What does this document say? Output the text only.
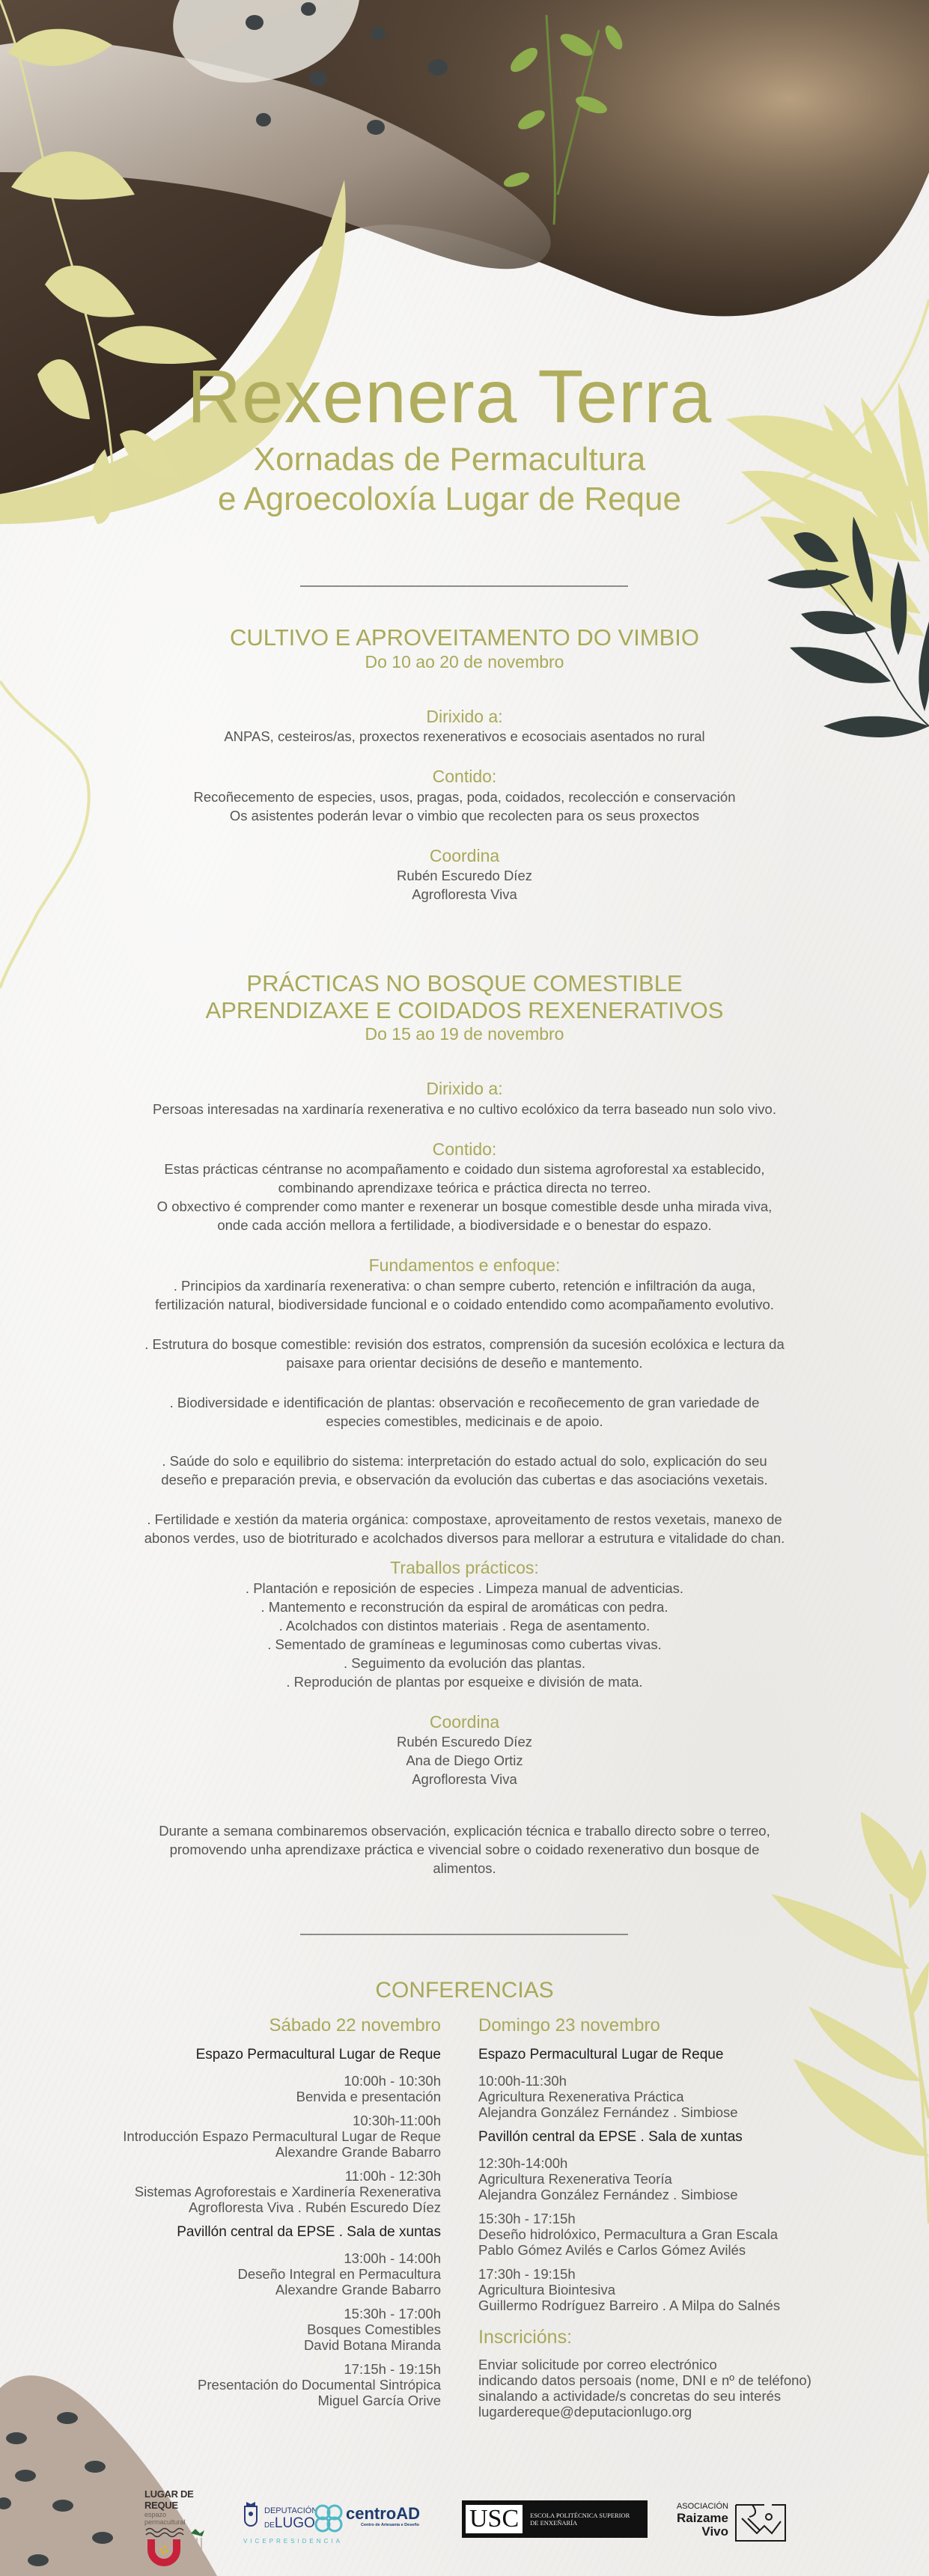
Rexenera Terra
Xornadas de Permacultura
e Agroecoloxía Lugar de Reque
CULTIVO E APROVEITAMENTO DO VIMBIO
Do 10 ao 20 de novembro
Dirixido a:
ANPAS, cesteiros/as, proxectos rexenerativos e ecosociais asentados no rural
Contido:
Recoñecemento de especies, usos, pragas, poda, coidados, recolección e conservación
Os asistentes poderán levar o vimbio que recolecten para os seus proxectos
Coordina
Rubén Escuredo Díez
Agrofloresta Viva
PRÁCTICAS NO BOSQUE COMESTIBLE
APRENDIZAXE E COIDADOS REXENERATIVOS
Do 15 ao 19 de novembro
Dirixido a:
Persoas interesadas na xardinaría rexenerativa e no cultivo ecolóxico da terra baseado nun solo vivo.
Contido:
Estas prácticas céntranse no acompañamento e coidado dun sistema agroforestal xa establecido,
combinando aprendizaxe teórica e práctica directa no terreo.
O obxectivo é comprender como manter e rexenerar un bosque comestible desde unha mirada viva,
onde cada acción mellora a fertilidade, a biodiversidade e o benestar do espazo.
Fundamentos e enfoque:
. Principios da xardinaría rexenerativa: o chan sempre cuberto, retención e infiltración da auga,
fertilización natural, biodiversidade funcional e o coidado entendido como acompañamento evolutivo.
. Estrutura do bosque comestible: revisión dos estratos, comprensión da sucesión ecolóxica e lectura da
paisaxe para orientar decisións de deseño e mantemento.
. Biodiversidade e identificación de plantas: observación e recoñecemento de gran variedade de
especies comestibles, medicinais e de apoio.
. Saúde do solo e equilibrio do sistema: interpretación do estado actual do solo, explicación do seu
deseño e preparación previa, e observación da evolución das cubertas e das asociacións vexetais.
. Fertilidade e xestión da materia orgánica: compostaxe, aproveitamento de restos vexetais, manexo de
abonos verdes, uso de biotriturado e acolchados diversos para mellorar a estrutura e vitalidade do chan.
Traballos prácticos:
. Plantación e reposición de especies . Limpeza manual de adventicias.
. Mantemento e reconstrución da espiral de aromáticas con pedra.
. Acolchados con distintos materiais . Rega de asentamento.
. Sementado de gramíneas e leguminosas como cubertas vivas.
. Seguimento da evolución das plantas.
. Reprodución de plantas por esqueixe e división de mata.
Coordina
Rubén Escuredo Díez
Ana de Diego Ortiz
Agrofloresta Viva
Durante a semana combinaremos observación, explicación técnica e traballo directo sobre o terreo,
promovendo unha aprendizaxe práctica e vivencial sobre o coidado rexenerativo dun bosque de
alimentos.
CONFERENCIAS
Sábado 22 novembro
Espazo Permacultural Lugar de Reque
10:00h - 10:30h
Benvida e presentación
10:30h-11:00h
Introducción Espazo Permacultural Lugar de Reque
Alexandre Grande Babarro
11:00h - 12:30h
Sistemas Agroforestais e Xardinería Rexenerativa
Agrofloresta Viva . Rubén Escuredo Díez
Pavillón central da EPSE . Sala de xuntas
13:00h - 14:00h
Deseño Integral en Permacultura
Alexandre Grande Babarro
15:30h - 17:00h
Bosques Comestibles
David Botana Miranda
17:15h - 19:15h
Presentación do Documental Sintrópica
Miguel García Orive
Domingo 23 novembro
Espazo Permacultural Lugar de Reque
10:00h-11:30h
Agricultura Rexenerativa Práctica
Alejandra González Fernández . Simbiose
Pavillón central da EPSE . Sala de xuntas
12:30h-14:00h
Agricultura Rexenerativa Teoría
Alejandra González Fernández . Simbiose
15:30h - 17:15h
Deseño hidrolóxico, Permacultura a Gran Escala
Pablo Gómez Avilés e Carlos Gómez Avilés
17:30h - 19:15h
Agricultura Biointesiva
Guillermo Rodríguez Barreiro . A Milpa do Salnés
Inscricións:
Enviar solicitude por correo electrónico
indicando datos persoais (nome, DNI e nº de teléfono)
sinalando a actividade/s concretas do seu interés
lugardereque@deputacionlugo.org
LUGAR DE REQUE
espazo permacultural
DEPUTACIÓN
DELUGO
VICEPRESIDENCIA
centroAD
Centro de Artesanía e Deseño	USC	ESCOLA POLITÉCNICA SUPERIOR
DE ENXEÑARÍA
ASOCIACIÓN
Raizame
Vivo
